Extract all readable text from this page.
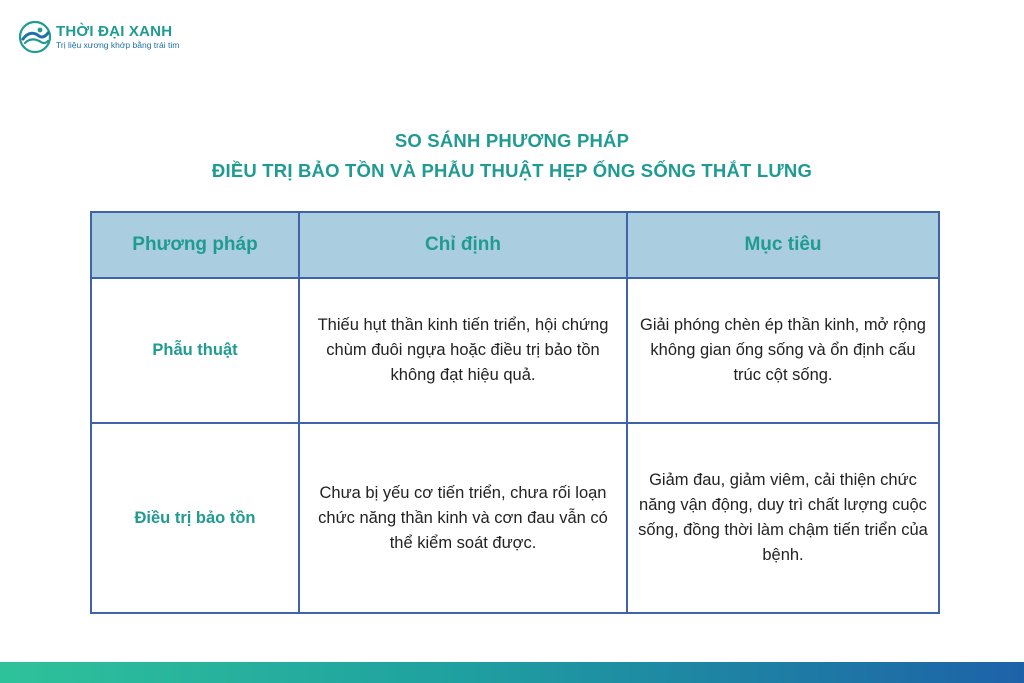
THỜI ĐẠI XANH
Trị liệu xương khớp bằng trái tim
SO SÁNH PHƯƠNG PHÁP
ĐIỀU TRỊ BẢO TỒN VÀ PHẪU THUẬT HẸP ỐNG SỐNG THẮT LƯNG
Phương pháp	Chỉ định	Mục tiêu
Phẫu thuật	Thiếu hụt thần kinh tiến triển, hội chứng chùm đuôi ngựa hoặc điều trị bảo tồn không đạt hiệu quả.	Giải phóng chèn ép thần kinh, mở rộng không gian ống sống và ổn định cấu trúc cột sống.
Điều trị bảo tồn	Chưa bị yếu cơ tiến triển, chưa rối loạn chức năng thần kinh và cơn đau vẫn có thể kiểm soát được.	Giảm đau, giảm viêm, cải thiện chức năng vận động, duy trì chất lượng cuộc sống, đồng thời làm chậm tiến triển của bệnh.
